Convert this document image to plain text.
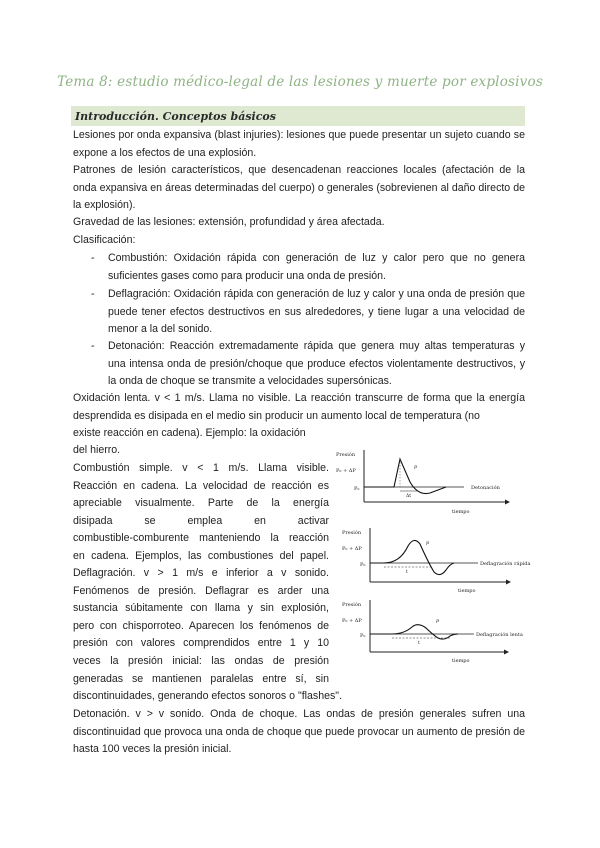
Tema 8: estudio médico-legal de las lesiones y muerte por explosivos
Introducción. Conceptos básicos
Lesiones por onda expansiva (blast injuries): lesiones que puede presentar un sujeto cuando se expone a los efectos de una explosión.
Patrones de lesión característicos, que desencadenan reacciones locales (afectación de la onda expansiva en áreas determinadas del cuerpo) o generales (sobrevienen al daño directo de la explosión).
Gravedad de las lesiones: extensión, profundidad y área afectada.
Clasificación:
- Combustión: Oxidación rápida con generación de luz y calor pero que no genera suficientes gases como para producir una onda de presión.
- Deflagración: Oxidación rápida con generación de luz y calor y una onda de presión que puede tener efectos destructivos en sus alrededores, y tiene lugar a una velocidad de menor a la del sonido.
- Detonación: Reacción extremadamente rápida que genera muy altas temperaturas y una intensa onda de presión/choque que produce efectos violentamente destructivos, y la onda de choque se transmite a velocidades supersónicas.
Oxidación lenta. v < 1 m/s. Llama no visible. La reacción transcurre de forma que la energía desprendida es disipada en el medio sin producir un aumento local de temperatura (no
existe reacción en cadena). Ejemplo: la oxidación
del hierro.
Combustión simple. v < 1 m/s. Llama visible.
Reacción en cadena. La velocidad de reacción es
apreciable visualmente. Parte de la energía
disipada se emplea en activar
combustible-comburente manteniendo la reacción
en cadena. Ejemplos, las combustiones del papel.
Deflagración. v > 1 m/s e inferior a v sonido.
Fenómenos de presión. Deflagrar es arder una
sustancia súbitamente con llama y sin explosión,
pero con chisporroteo. Aparecen los fenómenos de
presión con valores comprendidos entre 1 y 10
veces la presión inicial: las ondas de presión
generadas se mantienen paralelas entre sí, sin
discontinuidades, generando efectos sonoros o "flashes".
Detonación. v > v sonido. Onda de choque. Las ondas de presión generales sufren una discontinuidad que provoca una onda de choque que puede provocar un aumento de presión de hasta 100 veces la presión inicial.
Presión
P₀ + ΔP
P₀
p
Δt
Detonación
tiempo
Presión
P₀ + ΔP
P₀
p
t
Deflagración rápida
tiempo
Presión
P₀ + ΔP
P₀
p
t
Deflagración lenta
tiempo
